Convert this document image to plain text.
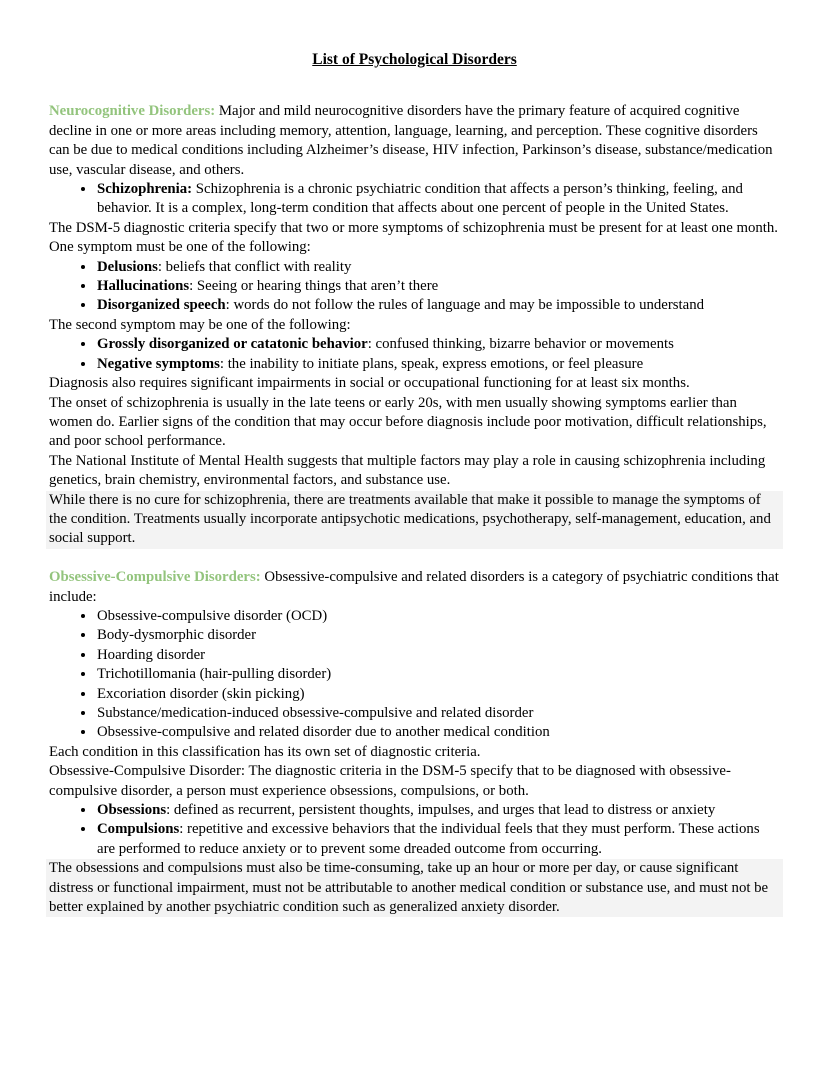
List of Psychological Disorders

Neurocognitive Disorders: Major and mild neurocognitive disorders have the primary feature of acquired cognitive decline in one or more areas including memory, attention, language, learning, and perception. These cognitive disorders can be due to medical conditions including Alzheimer’s disease, HIV infection, Parkinson’s disease, substance/medication use, vascular disease, and others.

• Schizophrenia: Schizophrenia is a chronic psychiatric condition that affects a person’s thinking, feeling, and behavior. It is a complex, long-term condition that affects about one percent of people in the United States.

The DSM-5 diagnostic criteria specify that two or more symptoms of schizophrenia must be present for at least one month.

One symptom must be one of the following:

• Delusions: beliefs that conflict with reality
• Hallucinations: Seeing or hearing things that aren’t there
• Disorganized speech: words do not follow the rules of language and may be impossible to understand

The second symptom may be one of the following:

• Grossly disorganized or catatonic behavior: confused thinking, bizarre behavior or movements
• Negative symptoms: the inability to initiate plans, speak, express emotions, or feel pleasure

Diagnosis also requires significant impairments in social or occupational functioning for at least six months.

The onset of schizophrenia is usually in the late teens or early 20s, with men usually showing symptoms earlier than women do. Earlier signs of the condition that may occur before diagnosis include poor motivation, difficult relationships, and poor school performance.

The National Institute of Mental Health suggests that multiple factors may play a role in causing schizophrenia including genetics, brain chemistry, environmental factors, and substance use.

While there is no cure for schizophrenia, there are treatments available that make it possible to manage the symptoms of the condition. Treatments usually incorporate antipsychotic medications, psychotherapy, self-management, education, and social support.

Obsessive-Compulsive Disorders: Obsessive-compulsive and related disorders is a category of psychiatric conditions that include:

• Obsessive-compulsive disorder (OCD)
• Body-dysmorphic disorder
• Hoarding disorder
• Trichotillomania (hair-pulling disorder)
• Excoriation disorder (skin picking)
• Substance/medication-induced obsessive-compulsive and related disorder
• Obsessive-compulsive and related disorder due to another medical condition

Each condition in this classification has its own set of diagnostic criteria.

Obsessive-Compulsive Disorder: The diagnostic criteria in the DSM-5 specify that to be diagnosed with obsessive-compulsive disorder, a person must experience obsessions, compulsions, or both.

• Obsessions: defined as recurrent, persistent thoughts, impulses, and urges that lead to distress or anxiety
• Compulsions: repetitive and excessive behaviors that the individual feels that they must perform. These actions are performed to reduce anxiety or to prevent some dreaded outcome from occurring.

The obsessions and compulsions must also be time-consuming, take up an hour or more per day, or cause significant distress or functional impairment, must not be attributable to another medical condition or substance use, and must not be better explained by another psychiatric condition such as generalized anxiety disorder.
